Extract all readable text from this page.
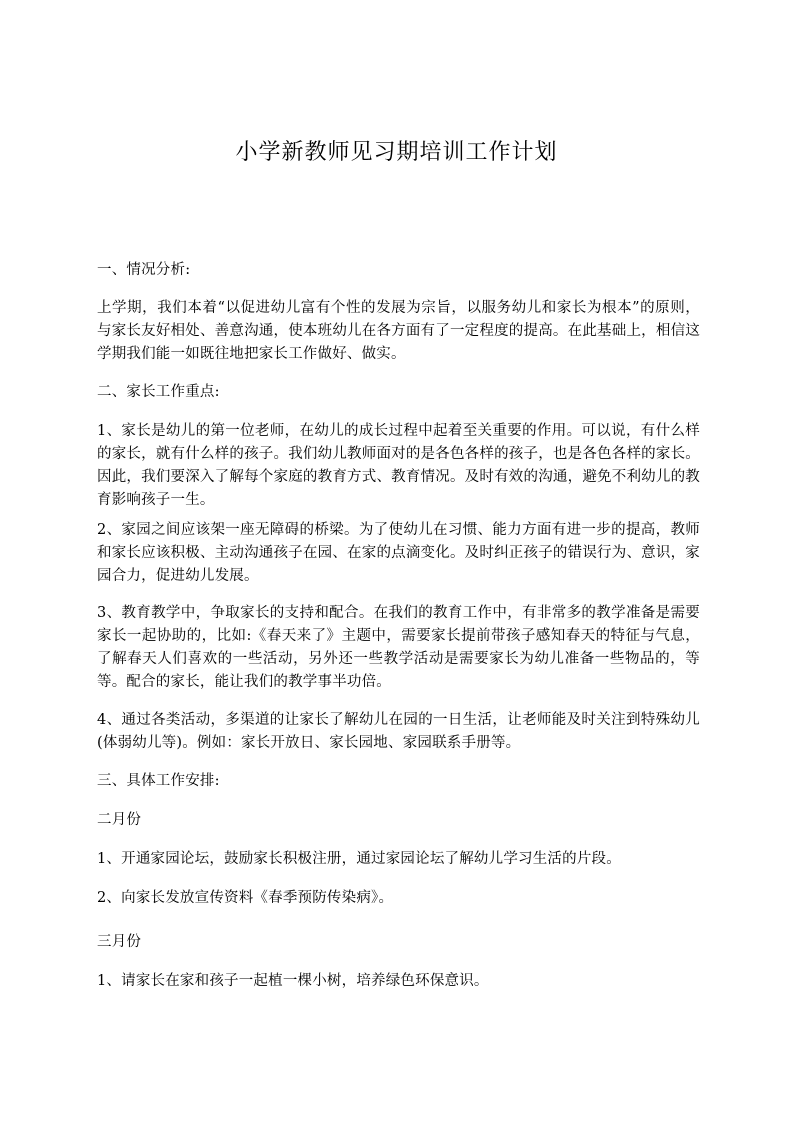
小学新教师见习期培训工作计划

一、情况分析:

上学期，我们本着“以促进幼儿富有个性的发展为宗旨，以服务幼儿和家长为根本”的原则，与家长友好相处、善意沟通，使本班幼儿在各方面有了一定程度的提高。在此基础上，相信这学期我们能一如既往地把家长工作做好、做实。

二、家长工作重点:

1、家长是幼儿的第一位老师，在幼儿的成长过程中起着至关重要的作用。可以说，有什么样的家长，就有什么样的孩子。我们幼儿教师面对的是各色各样的孩子，也是各色各样的家长。因此，我们要深入了解每个家庭的教育方式、教育情况。及时有效的沟通，避免不利幼儿的教育影响孩子一生。

2、家园之间应该架一座无障碍的桥梁。为了使幼儿在习惯、能力方面有进一步的提高，教师和家长应该积极、主动沟通孩子在园、在家的点滴变化。及时纠正孩子的错误行为、意识，家园合力，促进幼儿发展。

3、教育教学中，争取家长的支持和配合。在我们的教育工作中，有非常多的教学准备是需要家长一起协助的，比如:《春天来了》主题中，需要家长提前带孩子感知春天的特征与气息，了解春天人们喜欢的一些活动，另外还一些教学活动是需要家长为幼儿准备一些物品的，等等。配合的家长，能让我们的教学事半功倍。

4、通过各类活动，多渠道的让家长了解幼儿在园的一日生活，让老师能及时关注到特殊幼儿(体弱幼儿等)。例如：家长开放日、家长园地、家园联系手册等。

三、具体工作安排:

二月份

1、开通家园论坛，鼓励家长积极注册，通过家园论坛了解幼儿学习生活的片段。

2、向家长发放宣传资料《春季预防传染病》。

三月份

1、请家长在家和孩子一起植一棵小树，培养绿色环保意识。
